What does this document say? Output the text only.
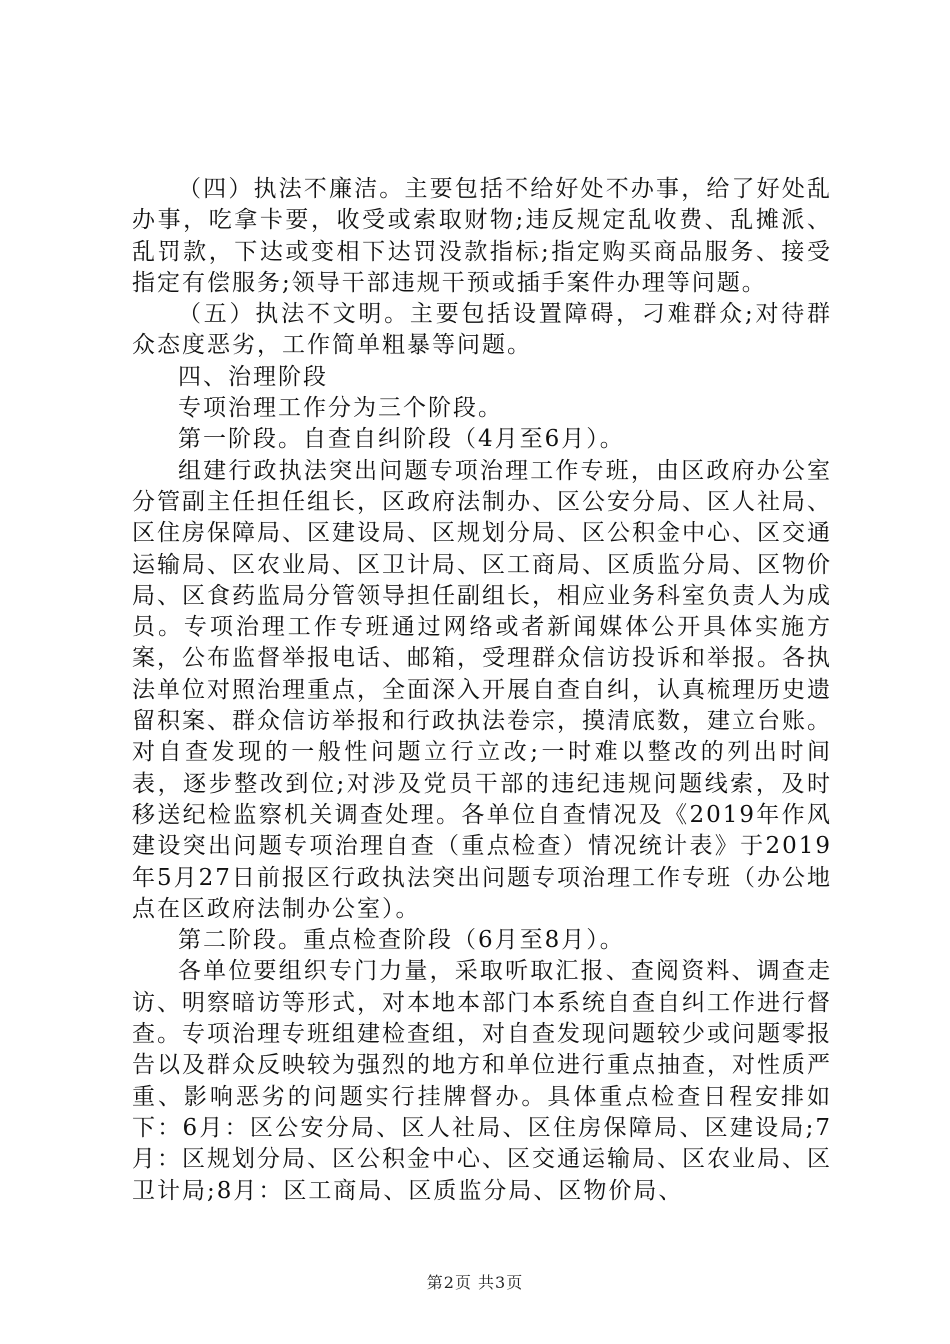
（四）执法不廉洁。主要包括不给好处不办事，给了好处乱办事，吃拿卡要，收受或索取财物;违反规定乱收费、乱摊派、乱罚款，下达或变相下达罚没款指标;指定购买商品服务、接受指定有偿服务;领导干部违规干预或插手案件办理等问题。

（五）执法不文明。主要包括设置障碍，刁难群众;对待群众态度恶劣，工作简单粗暴等问题。

四、治理阶段

专项治理工作分为三个阶段。

第一阶段。自查自纠阶段（4月至6月）。

组建行政执法突出问题专项治理工作专班，由区政府办公室分管副主任担任组长，区政府法制办、区公安分局、区人社局、区住房保障局、区建设局、区规划分局、区公积金中心、区交通运输局、区农业局、区卫计局、区工商局、区质监分局、区物价局、区食药监局分管领导担任副组长，相应业务科室负责人为成员。专项治理工作专班通过网络或者新闻媒体公开具体实施方案，公布监督举报电话、邮箱，受理群众信访投诉和举报。各执法单位对照治理重点，全面深入开展自查自纠，认真梳理历史遗留积案、群众信访举报和行政执法卷宗，摸清底数，建立台账。对自查发现的一般性问题立行立改;一时难以整改的列出时间表，逐步整改到位;对涉及党员干部的违纪违规问题线索，及时移送纪检监察机关调查处理。各单位自查情况及《2019年作风建设突出问题专项治理自查（重点检查）情况统计表》于2019年5月27日前报区行政执法突出问题专项治理工作专班（办公地点在区政府法制办公室）。

第二阶段。重点检查阶段（6月至8月）。

各单位要组织专门力量，采取听取汇报、查阅资料、调查走访、明察暗访等形式，对本地本部门本系统自查自纠工作进行督查。专项治理专班组建检查组，对自查发现问题较少或问题零报告以及群众反映较为强烈的地方和单位进行重点抽查，对性质严重、影响恶劣的问题实行挂牌督办。具体重点检查日程安排如下：6月：区公安分局、区人社局、区住房保障局、区建设局;7月：区规划分局、区公积金中心、区交通运输局、区农业局、区卫计局;8月：区工商局、区质监分局、区物价局、

第2页 共3页
